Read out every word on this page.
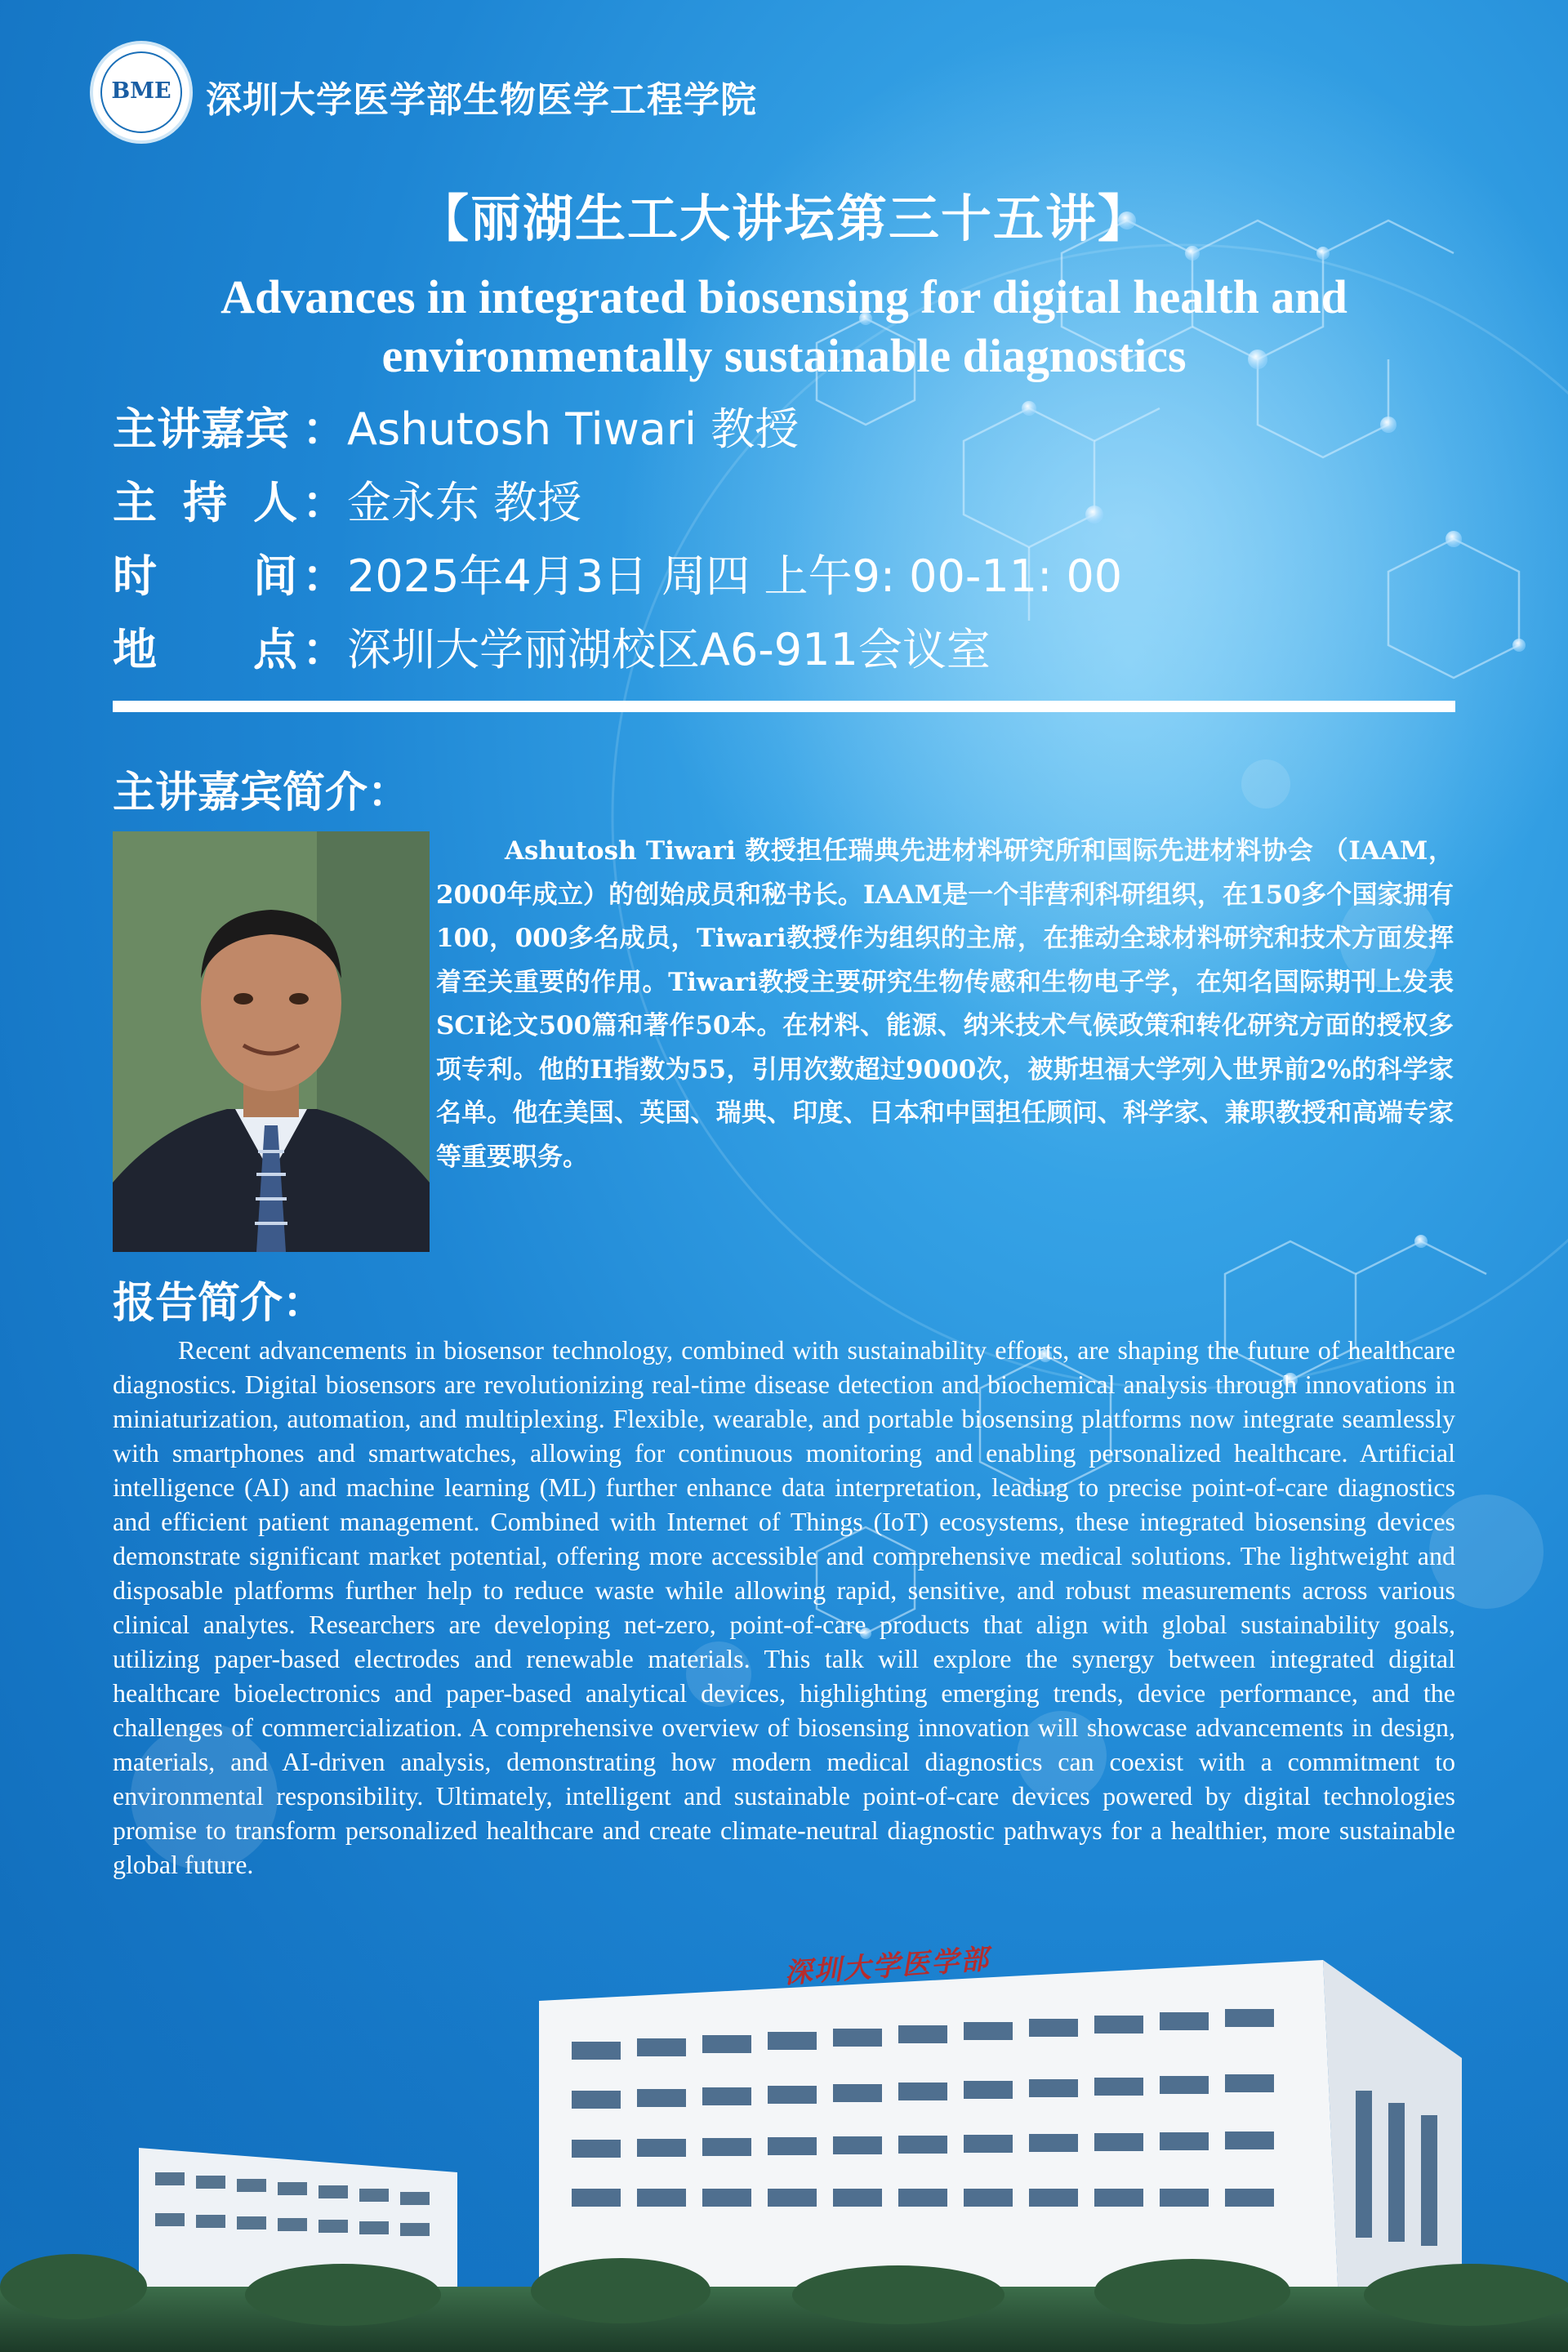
BME 深圳大学医学部生物医学工程学院
【丽湖生工大讲坛第三十五讲】
Advances in integrated biosensing for digital health and
environmentally sustainable diagnostics
主讲嘉宾 ： Ashutosh Tiwari 教授
主 持 人 ： 金永东 教授
时 间 ： 2025年4月3日 周四 上午9: 00-11: 00
地 点 ： 深圳大学丽湖校区A6-911会议室
主讲嘉宾简介：
Ashutosh Tiwari 教授担任瑞典先进材料研究所和国际先进材料协会 （IAAM，2000年成立）的创始成员和秘书长。IAAM是一个非营利科研组织，在150多个国家拥有100，000多名成员，Tiwari教授作为组织的主席，在推动全球材料研究和技术方面发挥着至关重要的作用。Tiwari教授主要研究生物传感和生物电子学，在知名国际期刊上发表SCI论文500篇和著作50本。在材料、能源、纳米技术气候政策和转化研究方面的授权多项专利。他的H指数为55，引用次数超过9000次，被斯坦福大学列入世界前2%的科学家名单。他在美国、英国、瑞典、印度、日本和中国担任顾问、科学家、兼职教授和高端专家等重要职务。
报告简介：
Recent advancements in biosensor technology, combined with sustainability efforts, are shaping the future of healthcare diagnostics. Digital biosensors are revolutionizing real-time disease detection and biochemical analysis through innovations in miniaturization, automation, and multiplexing. Flexible, wearable, and portable biosensing platforms now integrate seamlessly with smartphones and smartwatches, allowing for continuous monitoring and enabling personalized healthcare. Artificial intelligence (AI) and machine learning (ML) further enhance data interpretation, leading to precise point-of-care diagnostics and efficient patient management. Combined with Internet of Things (IoT) ecosystems, these integrated biosensing devices demonstrate significant market potential, offering more accessible and comprehensive medical solutions. The lightweight and disposable platforms further help to reduce waste while allowing rapid, sensitive, and robust measurements across various clinical analytes. Researchers are developing net-zero, point-of-care products that align with global sustainability goals, utilizing paper-based electrodes and renewable materials. This talk will explore the synergy between integrated digital healthcare bioelectronics and paper-based analytical devices, highlighting emerging trends, device performance, and the challenges of commercialization. A comprehensive overview of biosensing innovation will showcase advancements in design, materials, and AI-driven analysis, demonstrating how modern medical diagnostics can coexist with a commitment to environmental responsibility. Ultimately, intelligent and sustainable point-of-care devices powered by digital technologies promise to transform personalized healthcare and create climate-neutral diagnostic pathways for a healthier, more sustainable global future.
深圳大学医学部
